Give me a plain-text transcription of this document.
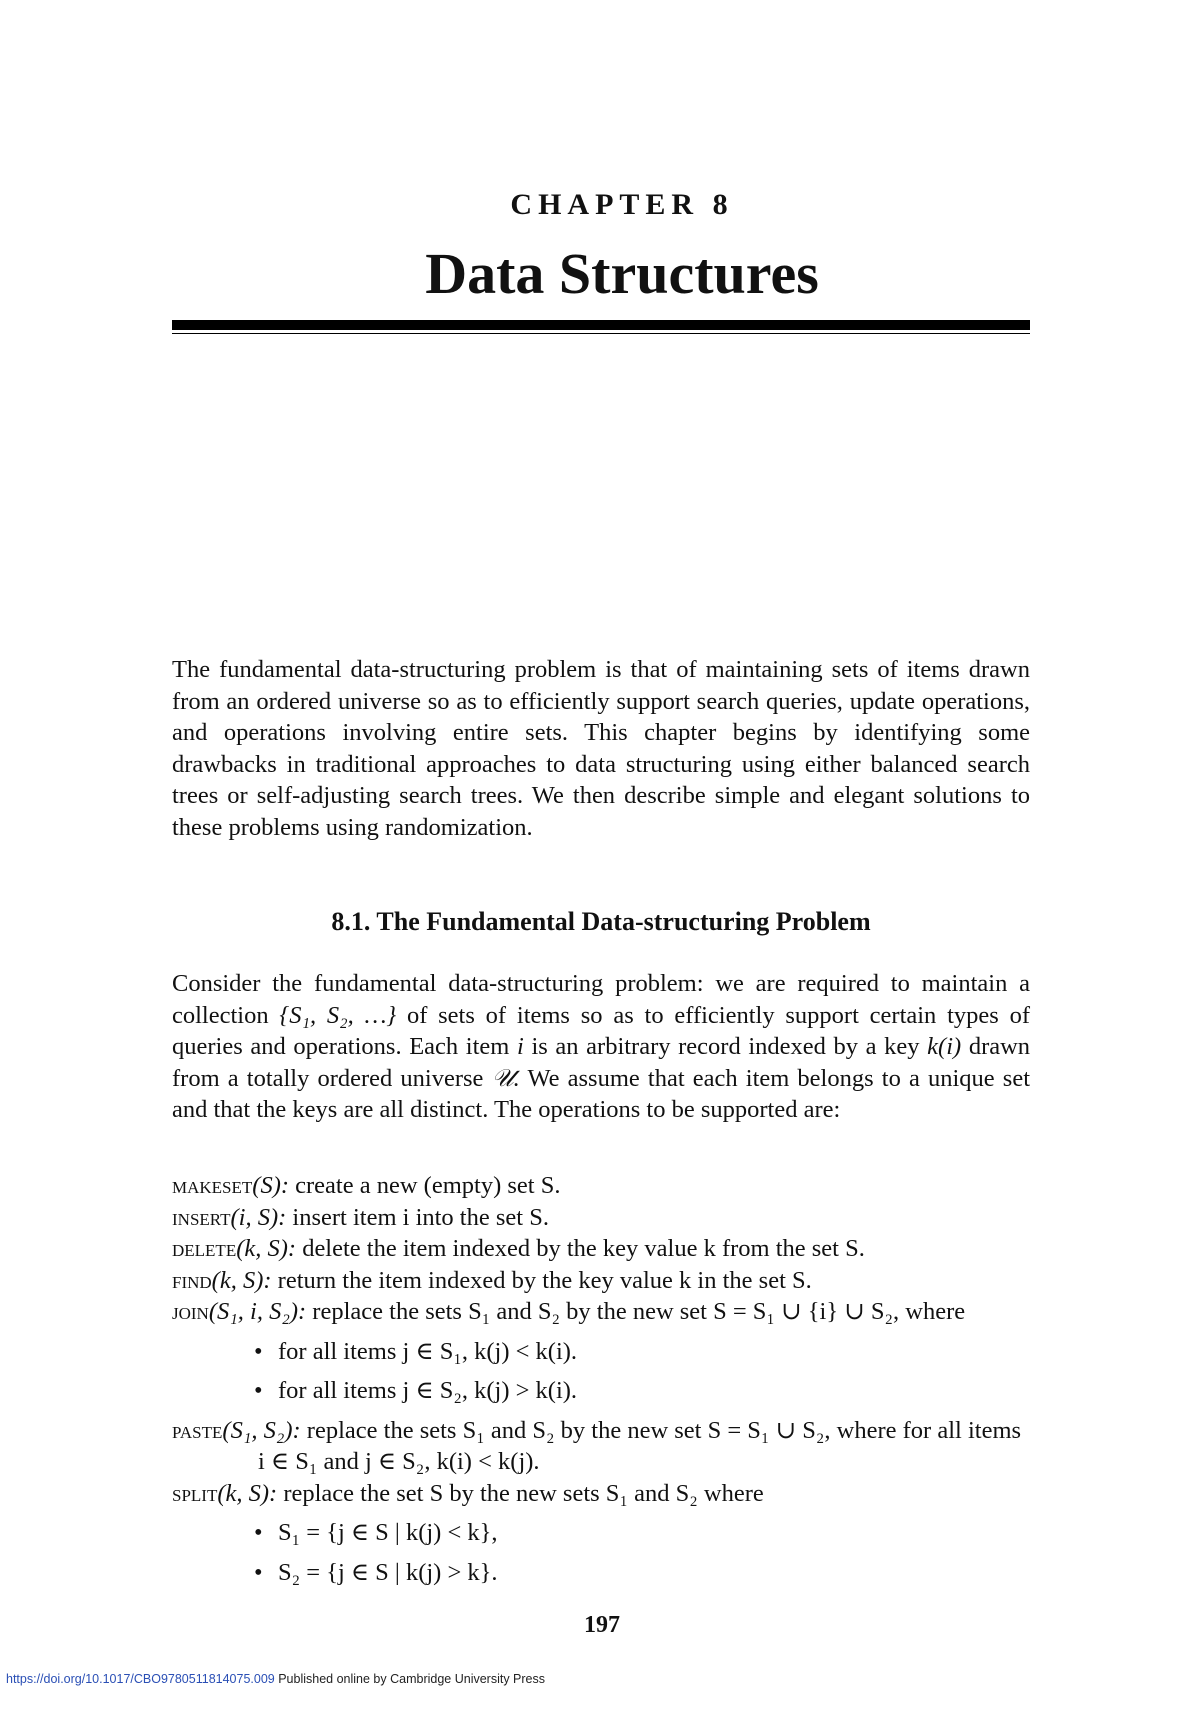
CHAPTER 8
Data Structures
The fundamental data-structuring problem is that of maintaining sets of items drawn from an ordered universe so as to efficiently support search queries, update operations, and operations involving entire sets. This chapter begins by identifying some drawbacks in traditional approaches to data structuring using either balanced search trees or self-adjusting search trees. We then describe simple and elegant solutions to these problems using randomization.
8.1. The Fundamental Data-structuring Problem
Consider the fundamental data-structuring problem: we are required to maintain a collection {S₁, S₂, …} of sets of items so as to efficiently support certain types of queries and operations. Each item i is an arbitrary record indexed by a key k(i) drawn from a totally ordered universe 𝒰. We assume that each item belongs to a unique set and that the keys are all distinct. The operations to be supported are:

makeset(S): create a new (empty) set S.

insert(i, S): insert item i into the set S.

delete(k, S): delete the item indexed by the key value k from the set S.

find(k, S): return the item indexed by the key value k in the set S.

join(S₁, i, S₂): replace the sets S₁ and S₂ by the new set S = S₁ ∪ {i} ∪ S₂, where

• for all items j ∈ S₁, k(j) < k(i).

• for all items j ∈ S₂, k(j) > k(i).

paste(S₁, S₂): replace the sets S₁ and S₂ by the new set S = S₁ ∪ S₂, where for all items i ∈ S₁ and j ∈ S₂, k(i) < k(j).

split(k, S): replace the set S by the new sets S₁ and S₂ where

• S₁ = {j ∈ S | k(j) < k},

• S₂ = {j ∈ S | k(j) > k}.

197
https://doi.org/10.1017/CBO9780511814075.009 Published online by Cambridge University Press
